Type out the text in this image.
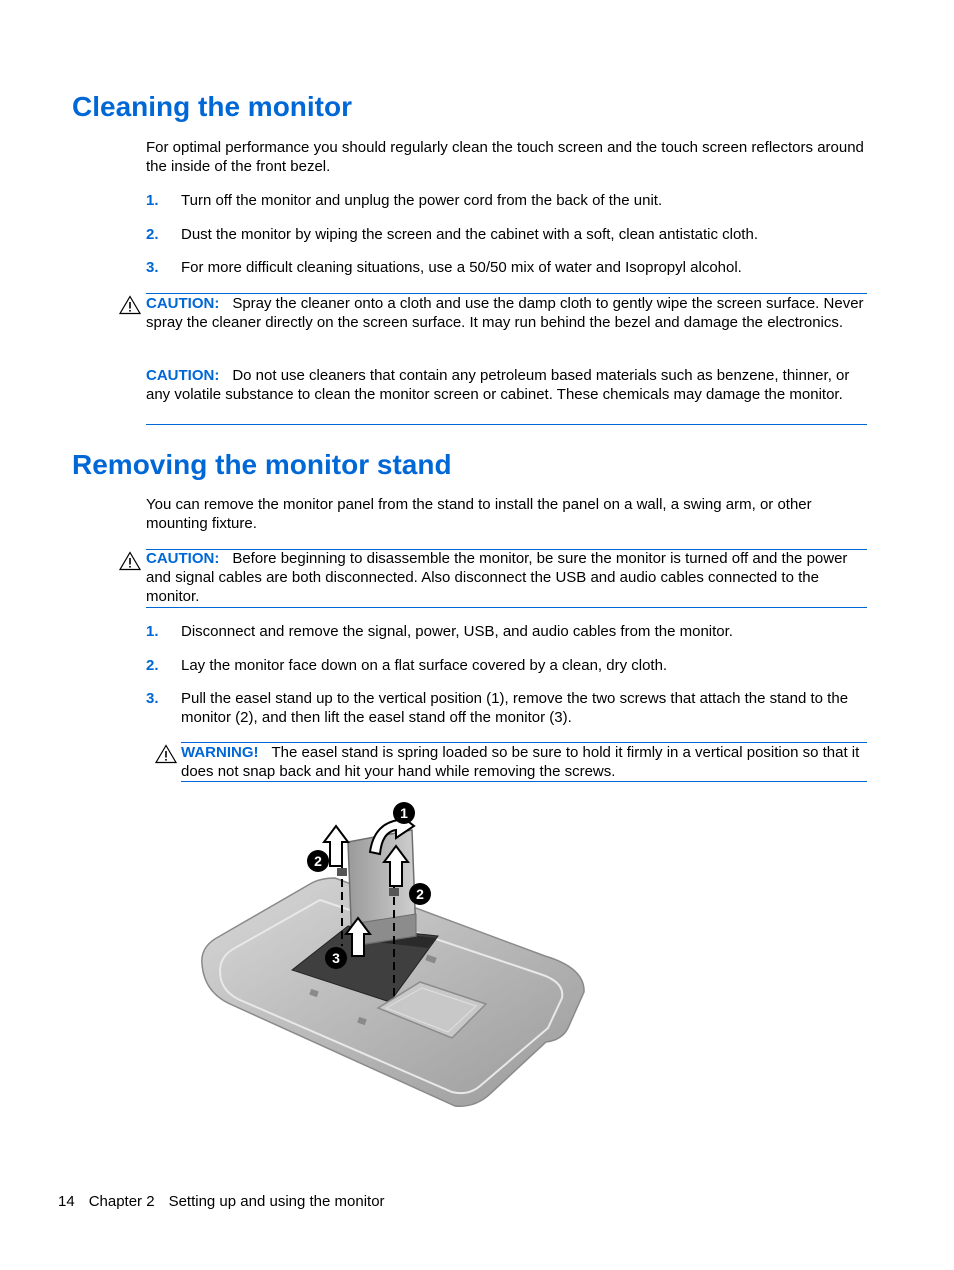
Cleaning the monitor

For optimal performance you should regularly clean the touch screen and the touch screen reflectors around the inside of the front bezel.

1. Turn off the monitor and unplug the power cord from the back of the unit.
2. Dust the monitor by wiping the screen and the cabinet with a soft, clean antistatic cloth.
3. For more difficult cleaning situations, use a 50/50 mix of water and Isopropyl alcohol.
CAUTION: Spray the cleaner onto a cloth and use the damp cloth to gently wipe the screen surface. Never spray the cleaner directly on the screen surface. It may run behind the bezel and damage the electronics.
CAUTION: Do not use cleaners that contain any petroleum based materials such as benzene, thinner, or any volatile substance to clean the monitor screen or cabinet. These chemicals may damage the monitor.
Removing the monitor stand

You can remove the monitor panel from the stand to install the panel on a wall, a swing arm, or other mounting fixture.

CAUTION: Before beginning to disassemble the monitor, be sure the monitor is turned off and the power and signal cables are both disconnected. Also disconnect the USB and audio cables connected to the monitor.
1. Disconnect and remove the signal, power, USB, and audio cables from the monitor.
2. Lay the monitor face down on a flat surface covered by a clean, dry cloth.
3. Pull the easel stand up to the vertical position (1), remove the two screws that attach the stand to the monitor (2), and then lift the easel stand off the monitor (3).
WARNING! The easel stand is spring loaded so be sure to hold it firmly in a vertical position so that it does not snap back and hit your hand while removing the screws.
1
2
2
3
14 Chapter 2 Setting up and using the monitor
